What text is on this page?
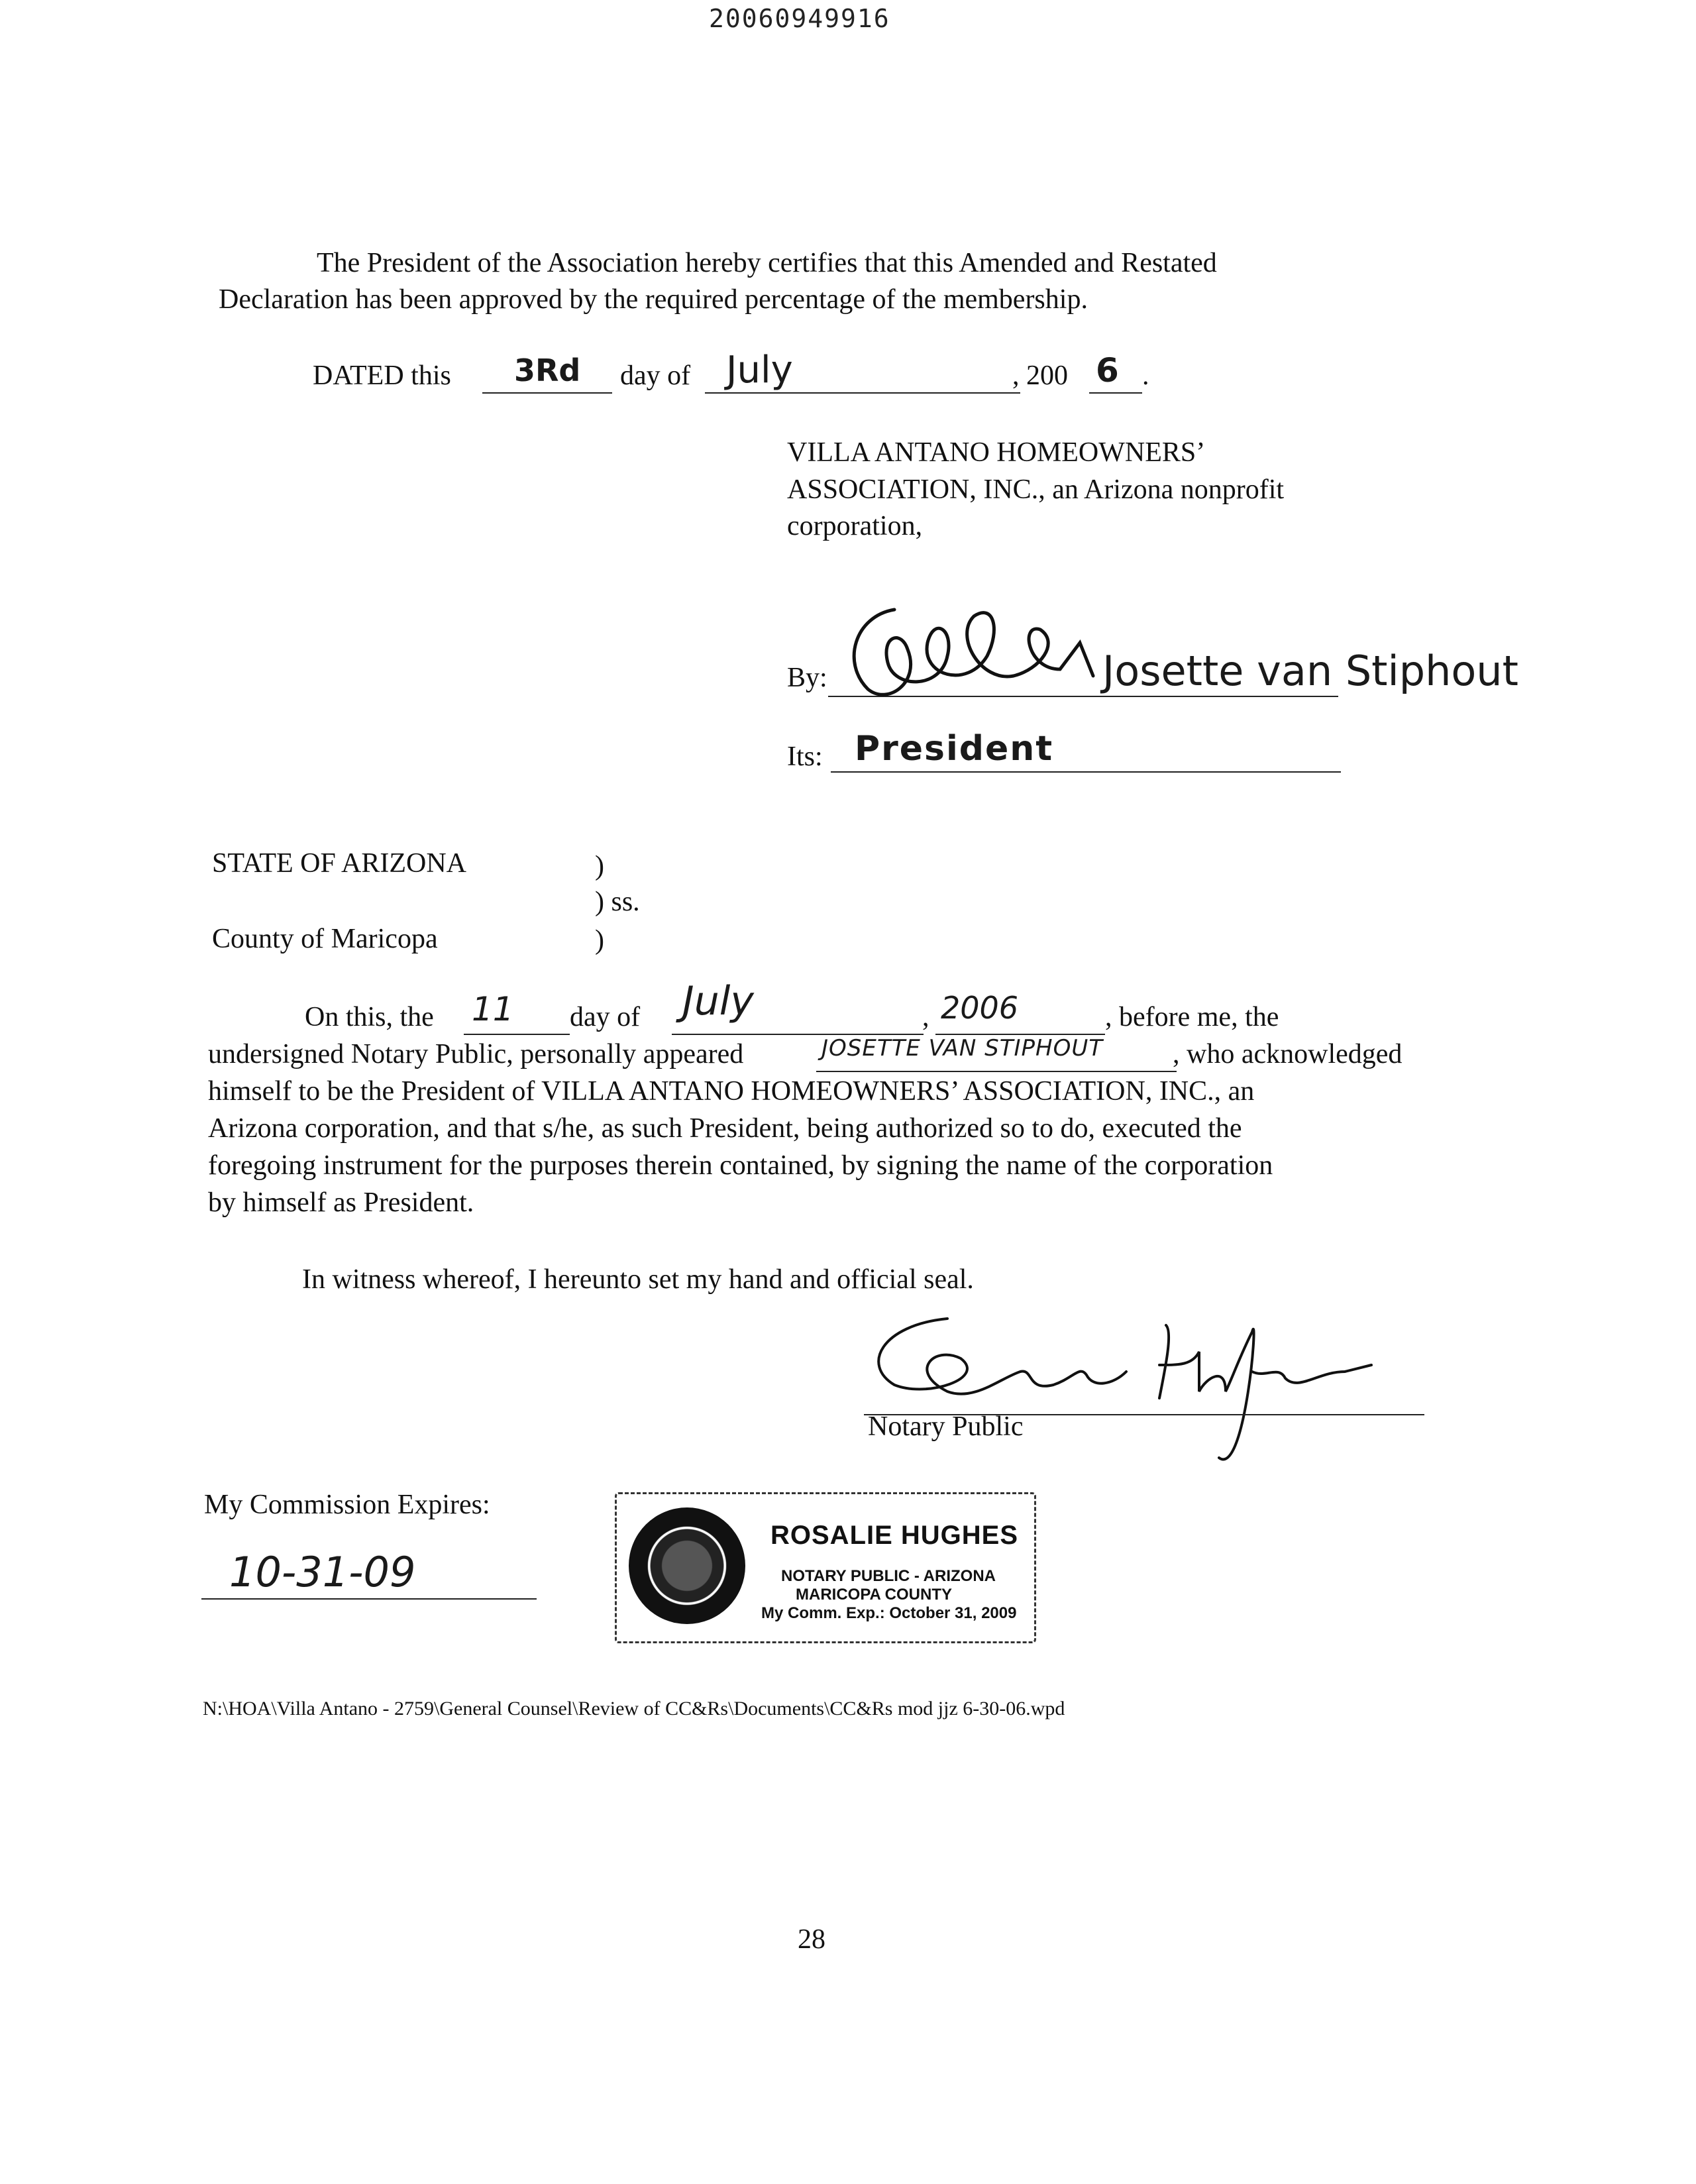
20060949916
The President of the Association hereby certifies that this Amended and Restated
Declaration has been approved by the required percentage of the membership.
DATED this 3Rd day of July	, 200 6 .
VILLA ANTANO HOMEOWNERS’
ASSOCIATION, INC., an Arizona nonprofit
corporation,
By:	Josette van Stiphout
Its: President
STATE OF ARIZONA	)
) ss.
County of Maricopa	)
On this, the 11 day of July	, 2006	, before me, the
undersigned Notary Public, personally appeared	JOSETTE VAN STIPHOUT	, who acknowledged
himself to be the President of VILLA ANTANO HOMEOWNERS’ ASSOCIATION, INC., an
Arizona corporation, and that s/he, as such President, being authorized so to do, executed the
foregoing instrument for the purposes therein contained, by signing the name of the corporation
by himself as President.
In witness whereof, I hereunto set my hand and official seal.
Notary Public
My Commission Expires:
10-31-09
ROSALIE HUGHES
NOTARY PUBLIC - ARIZONA
MARICOPA COUNTY
My Comm. Exp.: October 31, 2009
N:\HOA\Villa Antano - 2759\General Counsel\Review of CC&Rs\Documents\CC&Rs mod jjz 6-30-06.wpd
28
